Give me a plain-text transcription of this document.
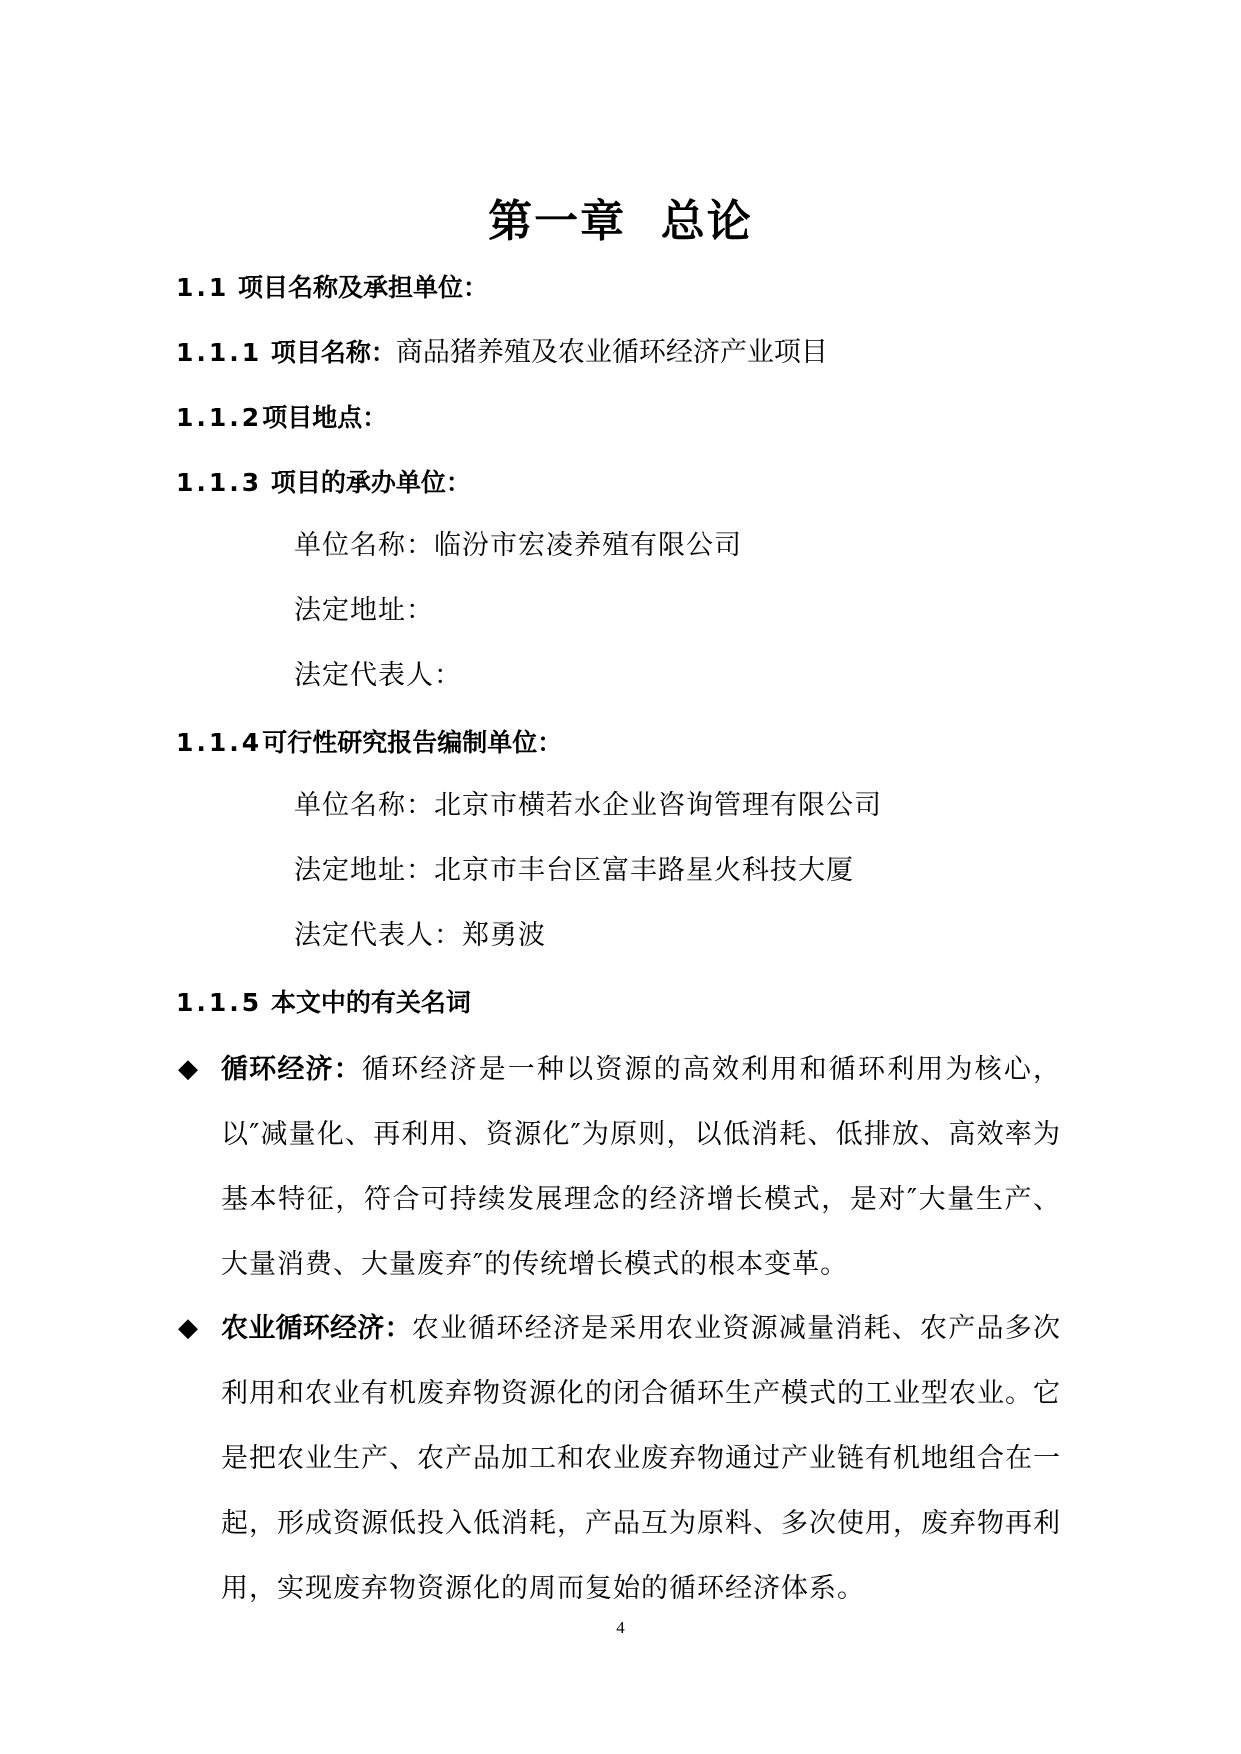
第一章  总论
1.1 项目名称及承担单位：
1.1.1 项目名称：商品猪养殖及农业循环经济产业项目
1.1.2项目地点：
1.1.3 项目的承办单位：
单位名称：临汾市宏凌养殖有限公司
法定地址：
法定代表人：
1.1.4可行性研究报告编制单位：
单位名称：北京市横若水企业咨询管理有限公司
法定地址：北京市丰台区富丰路星火科技大厦
法定代表人：郑勇波
1.1.5 本文中的有关名词
◆ 循环经济：循环经济是一种以资源的高效利用和循环利用为核心，以″减量化、再利用、资源化″为原则，以低消耗、低排放、高效率为基本特征，符合可持续发展理念的经济增长模式，是对″大量生产、大量消费、大量废弃″的传统增长模式的根本变革。
◆ 农业循环经济：农业循环经济是采用农业资源减量消耗、农产品多次利用和农业有机废弃物资源化的闭合循环生产模式的工业型农业。它是把农业生产、农产品加工和农业废弃物通过产业链有机地组合在一起，形成资源低投入低消耗，产品互为原料、多次使用，废弃物再利用，实现废弃物资源化的周而复始的循环经济体系。
4
